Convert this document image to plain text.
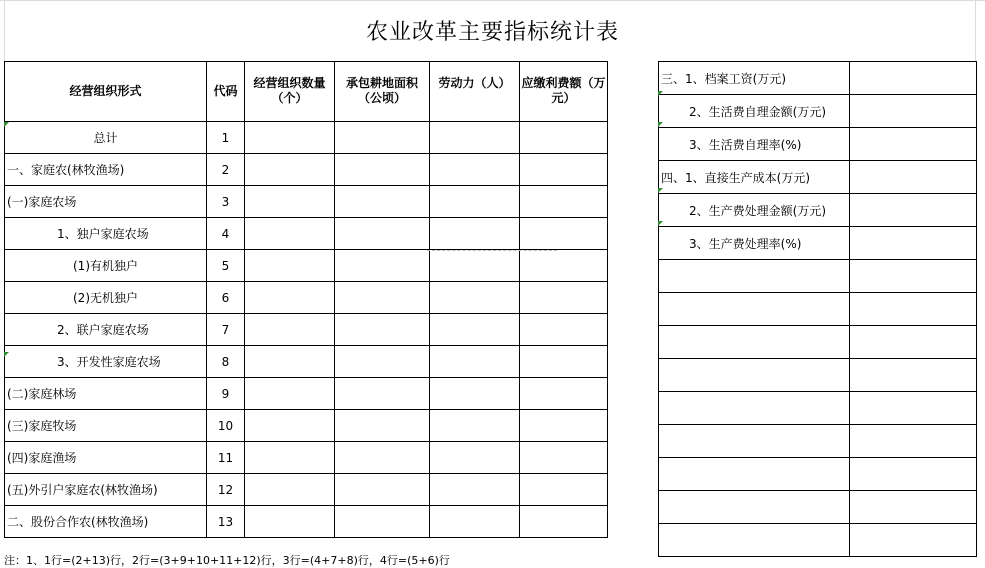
农业改革主要指标统计表
经营组织形式	代码	经营组织数量（个）	承包耕地面积（公顷）	劳动力（人）	应缴利费额（万元）
总计	1				
一、家庭农(林牧渔场)	2				
(一)家庭农场	3				
1、独户家庭农场	4				
(1)有机独户	5				
(2)无机独户	6				
2、联户家庭农场	7				
3、开发性家庭农场	8				
(二)家庭林场	9				
(三)家庭牧场	10				
(四)家庭渔场	11				
(五)外引户家庭农(林牧渔场)	12				
二、股份合作农(林牧渔场)	13				
三、1、档案工资(万元)	
2、生活费自理金额(万元)	
3、生活费自理率(%)	
四、1、直接生产成本(万元)	
2、生产费处理金额(万元)	
3、生产费处理率(%)	

注：1、1行=(2+13)行，2行=(3+9+10+11+12)行，3行=(4+7+8)行，4行=(5+6)行
